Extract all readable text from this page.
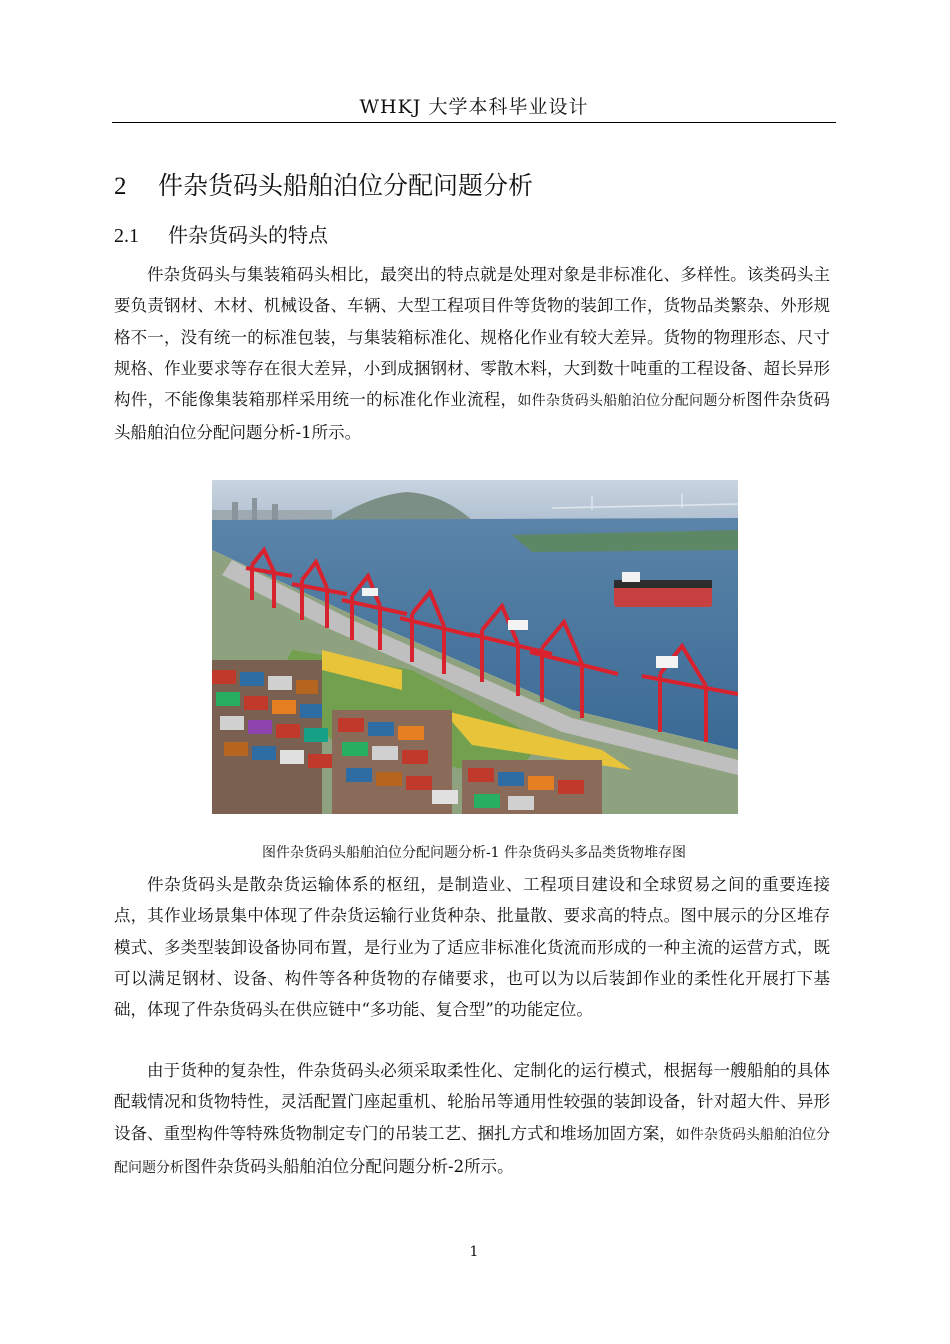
WHKJ 大学本科毕业设计
2 件杂货码头船舶泊位分配问题分析
2.1 件杂货码头的特点

件杂货码头与集装箱码头相比，最突出的特点就是处理对象是非标准化、多样性。该类码头主要负责钢材、木材、机械设备、车辆、大型工程项目件等货物的装卸工作，货物品类繁杂、外形规格不一，没有统一的标准包装，与集装箱标准化、规格化作业有较大差异。货物的物理形态、尺寸规格、作业要求等存在很大差异，小到成捆钢材、零散木料，大到数十吨重的工程设备、超长异形构件，不能像集装箱那样采用统一的标准化作业流程，如件杂货码头船舶泊位分配问题分析图件杂货码头船舶泊位分配问题分析-1所示。

图件杂货码头船舶泊位分配问题分析-1 件杂货码头多品类货物堆存图

件杂货码头是散杂货运输体系的枢纽，是制造业、工程项目建设和全球贸易之间的重要连接点，其作业场景集中体现了件杂货运输行业货种杂、批量散、要求高的特点。图中展示的分区堆存模式、多类型装卸设备协同布置，是行业为了适应非标准化货流而形成的一种主流的运营方式，既可以满足钢材、设备、构件等各种货物的存储要求，也可以为以后装卸作业的柔性化开展打下基础，体现了件杂货码头在供应链中“多功能、复合型”的功能定位。

由于货种的复杂性，件杂货码头必须采取柔性化、定制化的运行模式，根据每一艘船舶的具体配载情况和货物特性，灵活配置门座起重机、轮胎吊等通用性较强的装卸设备，针对超大件、异形设备、重型构件等特殊货物制定专门的吊装工艺、捆扎方式和堆场加固方案，如件杂货码头船舶泊位分配问题分析图件杂货码头船舶泊位分配问题分析-2所示。

1
